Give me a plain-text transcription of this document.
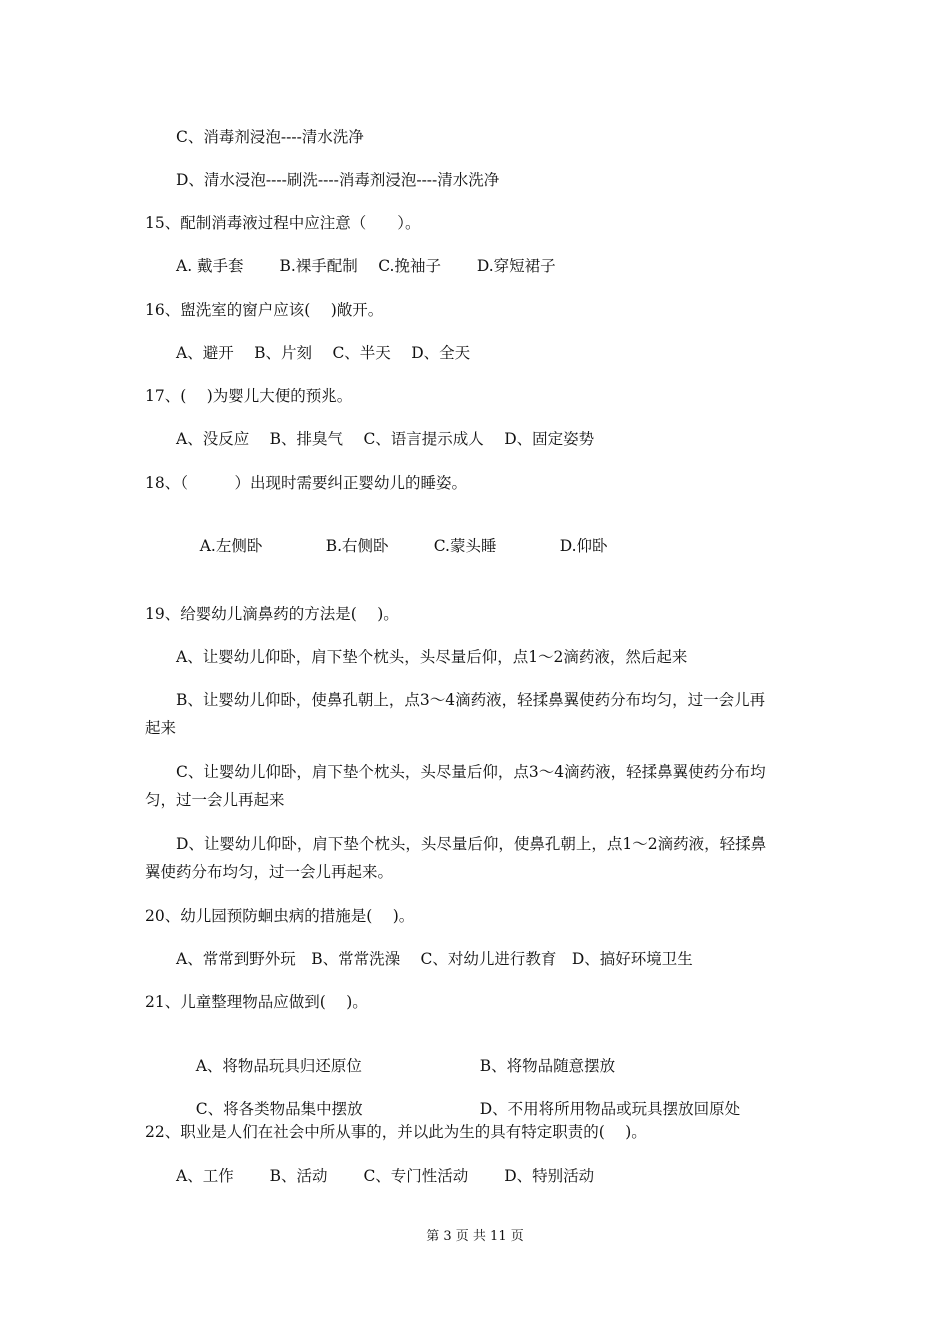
C、消毒剂浸泡----清水洗净
D、清水浸泡----刷洗----消毒剂浸泡----清水洗净
15、配制消毒液过程中应注意（　　）。
A. 戴手套　　 B.裸手配制　 C.挽袖子　　 D.穿短裙子
16、盥洗室的窗户应该(　 )敞开。
A、避开　 B、片刻　 C、半天　 D、全天
17、(　 )为婴儿大便的预兆。
A、没反应　 B、排臭气　 C、语言提示成人　 D、固定姿势
18、（　　　）出现时需要纠正婴幼儿的睡姿。

A.左侧卧	B.右侧卧	C.蒙头睡	D.仰卧

19、给婴幼儿滴鼻药的方法是(　 )。
A、让婴幼儿仰卧，肩下垫个枕头，头尽量后仰，点1～2滴药液，然后起来
B、让婴幼儿仰卧，使鼻孔朝上，点3～4滴药液，轻揉鼻翼使药分布均匀，过一会儿再
起来
C、让婴幼儿仰卧，肩下垫个枕头，头尽量后仰，点3～4滴药液，轻揉鼻翼使药分布均
匀，过一会儿再起来
D、让婴幼儿仰卧，肩下垫个枕头，头尽量后仰，使鼻孔朝上，点1～2滴药液，轻揉鼻
翼使药分布均匀，过一会儿再起来。
20、幼儿园预防蛔虫病的措施是(　 )。
A、常常到野外玩　B、常常洗澡　 C、对幼儿进行教育　D、搞好环境卫生
21、儿童整理物品应做到(　 )。

A、将物品玩具归还原位	B、将物品随意摆放

C、将各类物品集中摆放	D、不用将所用物品或玩具摆放回原处

22、职业是人们在社会中所从事的，并以此为生的具有特定职责的(　 )。
A、工作　　 B、活动　　 C、专门性活动　　 D、特别活动
第 3 页 共 11 页
